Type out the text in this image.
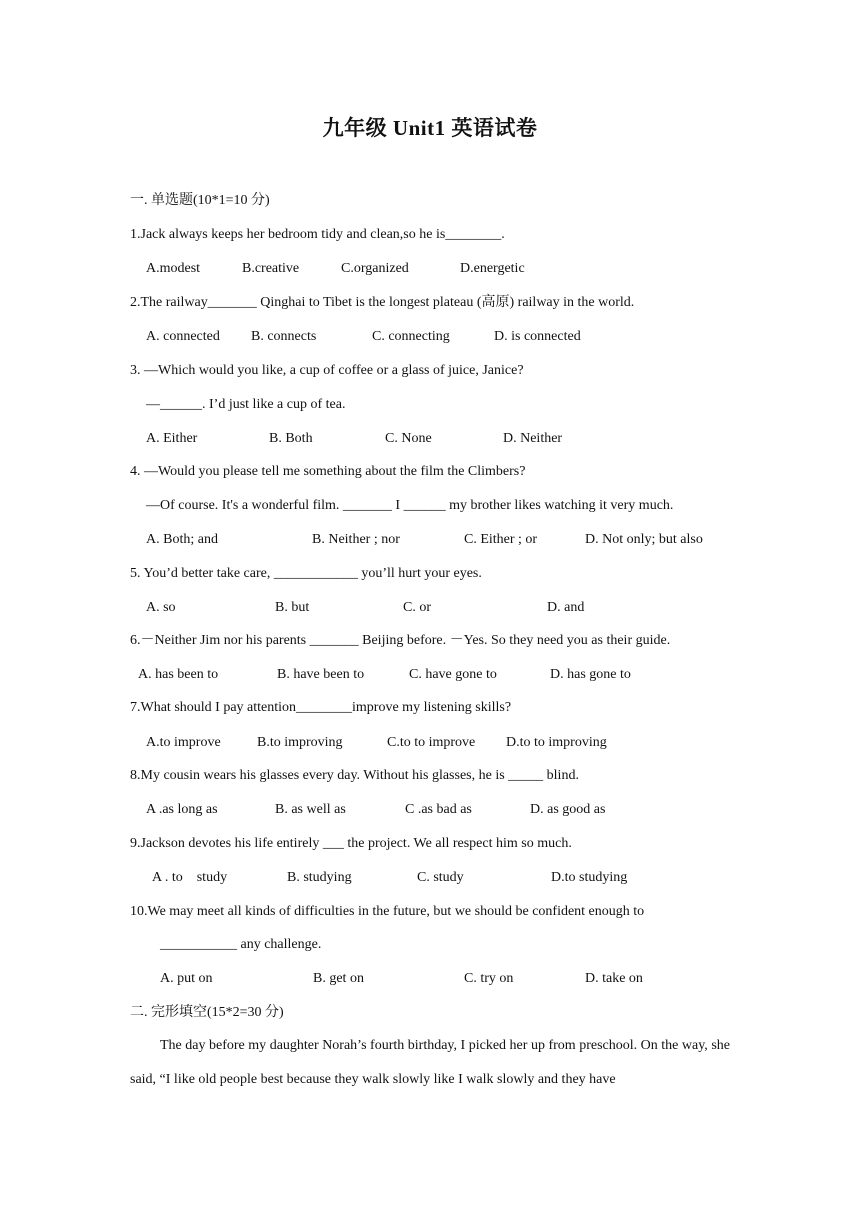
九年级 Unit1 英语试卷
一. 单选题(10*1=10 分)
1.Jack always keeps her bedroom tidy and clean,so he is________.
A.modest	B.creative	C.organized	D.energetic
2.The railway_______ Qinghai to Tibet is the longest plateau (高原) railway in the world.
A. connected B. connects	C. connecting	D. is connected
3. —Which would you like, a cup of coffee or a glass of juice, Janice?
—______. I’d just like a cup of tea.
A. Either	B. Both	C. None	D. Neither
4. —Would you please tell me something about the film the Climbers?
—Of course. It's a wonderful film. _______ I ______ my brother likes watching it very much.
A. Both; and	B. Neither ; nor	C. Either ; or	D. Not only; but also
5. You’d better take care, ____________ you’ll hurt your eyes.
A. so	B. but	C. or	D. and
6.－Neither Jim nor his parents _______ Beijing before. －Yes. So they need you as their guide.
A. has been to	B. have been to	C. have gone to	D. has gone to
7.What should I pay attention________improve my listening skills?
A.to improve	B.to improving	C.to to improve D.to to improving
8.My cousin wears his glasses every day. Without his glasses, he is _____ blind.
A .as long as	B. as well as	C .as bad as	D. as good as
9.Jackson devotes his life entirely ___ the project. We all respect him so much.
A . to    study	B. studying	C. study	D.to studying
10.We may meet all kinds of difficulties in the future, but we should be confident enough to
___________ any challenge.
A. put on	B. get on	C. try on	D. take on
二. 完形填空(15*2=30 分)
The day before my daughter Norah’s fourth birthday, I picked her up from preschool. On the way, she said, “I like old people best because they walk slowly like I walk slowly and they have
